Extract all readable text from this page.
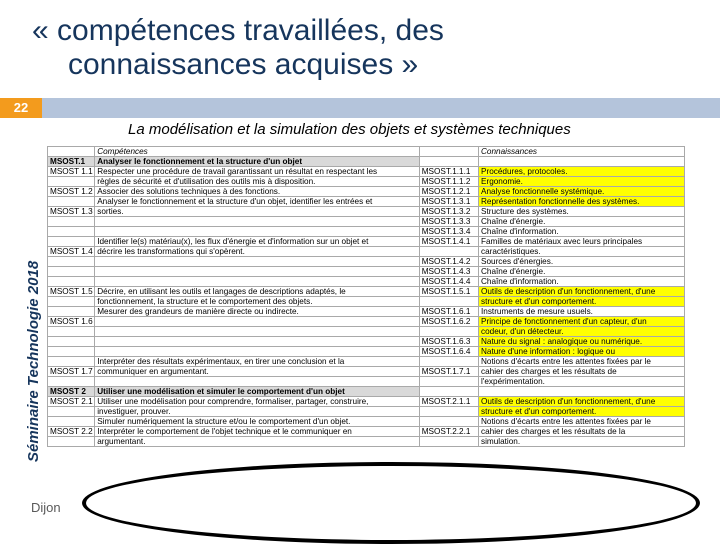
« compétences travaillées, des
connaissances acquises »
22
La modélisation et la simulation des objets et systèmes techniques
Séminaire Technologie 2018
Dijon
	Compétences		Connaissances
MSOST.1	Analyser le fonctionnement et la structure d'un objet		
MSOST 1.1	Respecter une procédure de travail garantissant un résultat en respectant les	MSOST.1.1.1	Procédures, protocoles.
	règles de sécurité et d'utilisation des outils mis à disposition.	MSOST.1.1.2	Ergonomie.
MSOST 1.2	Associer des solutions techniques à des fonctions.	MSOST.1.2.1	Analyse fonctionnelle systémique.
	Analyser le fonctionnement et la structure d'un objet, identifier les entrées et	MSOST.1.3.1	Représentation fonctionnelle des systèmes.
MSOST 1.3	sorties.	MSOST.1.3.2	Structure des systèmes.
		MSOST.1.3.3	Chaîne d'énergie.
		MSOST.1.3.4	Chaîne d'information.
	Identifier le(s) matériau(x), les flux d'énergie et d'information sur un objet et	MSOST.1.4.1	Familles de matériaux avec leurs principales
MSOST 1.4	décrire les transformations qui s'opèrent.		caractéristiques.
		MSOST.1.4.2	Sources d'énergies.
		MSOST.1.4.3	Chaîne d'énergie.
		MSOST.1.4.4	Chaîne d'information.
MSOST 1.5	Décrire, en utilisant les outils et langages de descriptions adaptés, le	MSOST.1.5.1	Outils de description d'un fonctionnement, d'une
	fonctionnement, la structure et le comportement des objets.		structure et d'un comportement.
	Mesurer des grandeurs de manière directe ou indirecte.	MSOST.1.6.1	Instruments de mesure usuels.
MSOST 1.6		MSOST.1.6.2	Principe de fonctionnement d'un capteur, d'un
			codeur, d'un détecteur.
		MSOST.1.6.3	Nature du signal : analogique ou numérique.
		MSOST.1.6.4	Nature d'une information : logique ou
	Interpréter des résultats expérimentaux, en tirer une conclusion et la		Notions d'écarts entre les attentes fixées par le
MSOST 1.7	communiquer en argumentant.	MSOST.1.7.1	cahier des charges et les résultats de
			l'expérimentation.
MSOST 2	Utiliser une modélisation et simuler le comportement d'un objet		
MSOST 2.1	Utiliser une modélisation pour comprendre, formaliser, partager, construire,	MSOST.2.1.1	Outils de description d'un fonctionnement, d'une
	investiguer, prouver.		structure et d'un comportement.
	Simuler numériquement la structure et/ou le comportement d'un objet.		Notions d'écarts entre les attentes fixées par le
MSOST 2.2	Interpréter le comportement de l'objet technique et le communiquer en	MSOST.2.2.1	cahier des charges et les résultats de la
	argumentant.		simulation.
